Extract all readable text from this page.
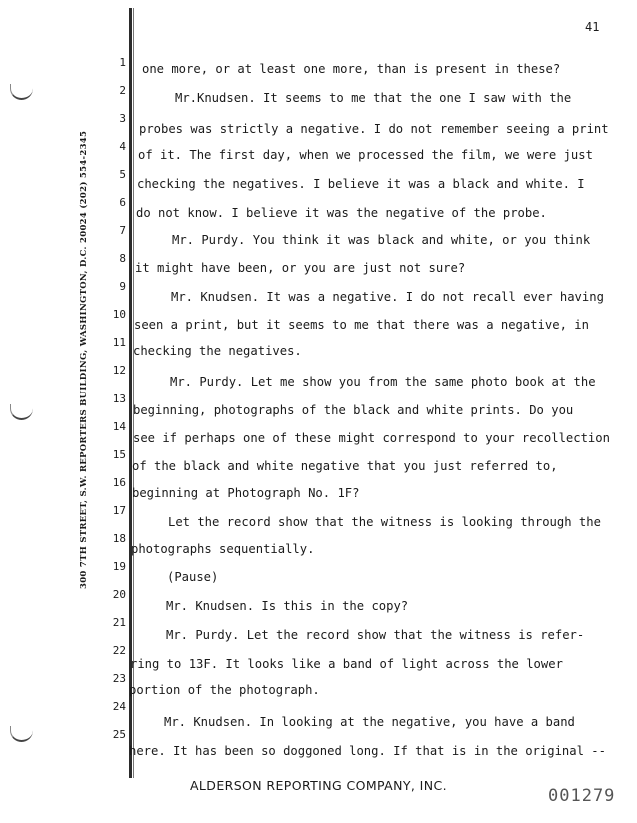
41
300 7TH STREET, S.W. REPORTERS BUILDING, WASHINGTON, D.C. 20024 (202) 554-2345
1
2
3
4
5
6
7
8
9
10
11
12
13
14
15
16
17
18
19
20
21
22
23
24
25
one more, or at least one more, than is present in these?
Mr.Knudsen. It seems to me that the one I saw with the
probes was strictly a negative. I do not remember seeing a print
of it. The first day, when we processed the film, we were just
checking the negatives. I believe it was a black and white. I
do not know. I believe it was the negative of the probe.
Mr. Purdy. You think it was black and white, or you think
it might have been, or you are just not sure?
Mr. Knudsen. It was a negative. I do not recall ever having
seen a print, but it seems to me that there was a negative, in
checking the negatives.
Mr. Purdy. Let me show you from the same photo book at the
beginning, photographs of the black and white prints. Do you
see if perhaps one of these might correspond to your recollection
of the black and white negative that you just referred to,
beginning at Photograph No. 1F?
Let the record show that the witness is looking through the
photographs sequentially.
(Pause)
Mr. Knudsen. Is this in the copy?
Mr. Purdy. Let the record show that the witness is refer-
ring to 13F. It looks like a band of light across the lower
portion of the photograph.
Mr. Knudsen. In looking at the negative, you have a band
here. It has been so doggoned long. If that is in the original --
ALDERSON REPORTING COMPANY, INC.
001279
